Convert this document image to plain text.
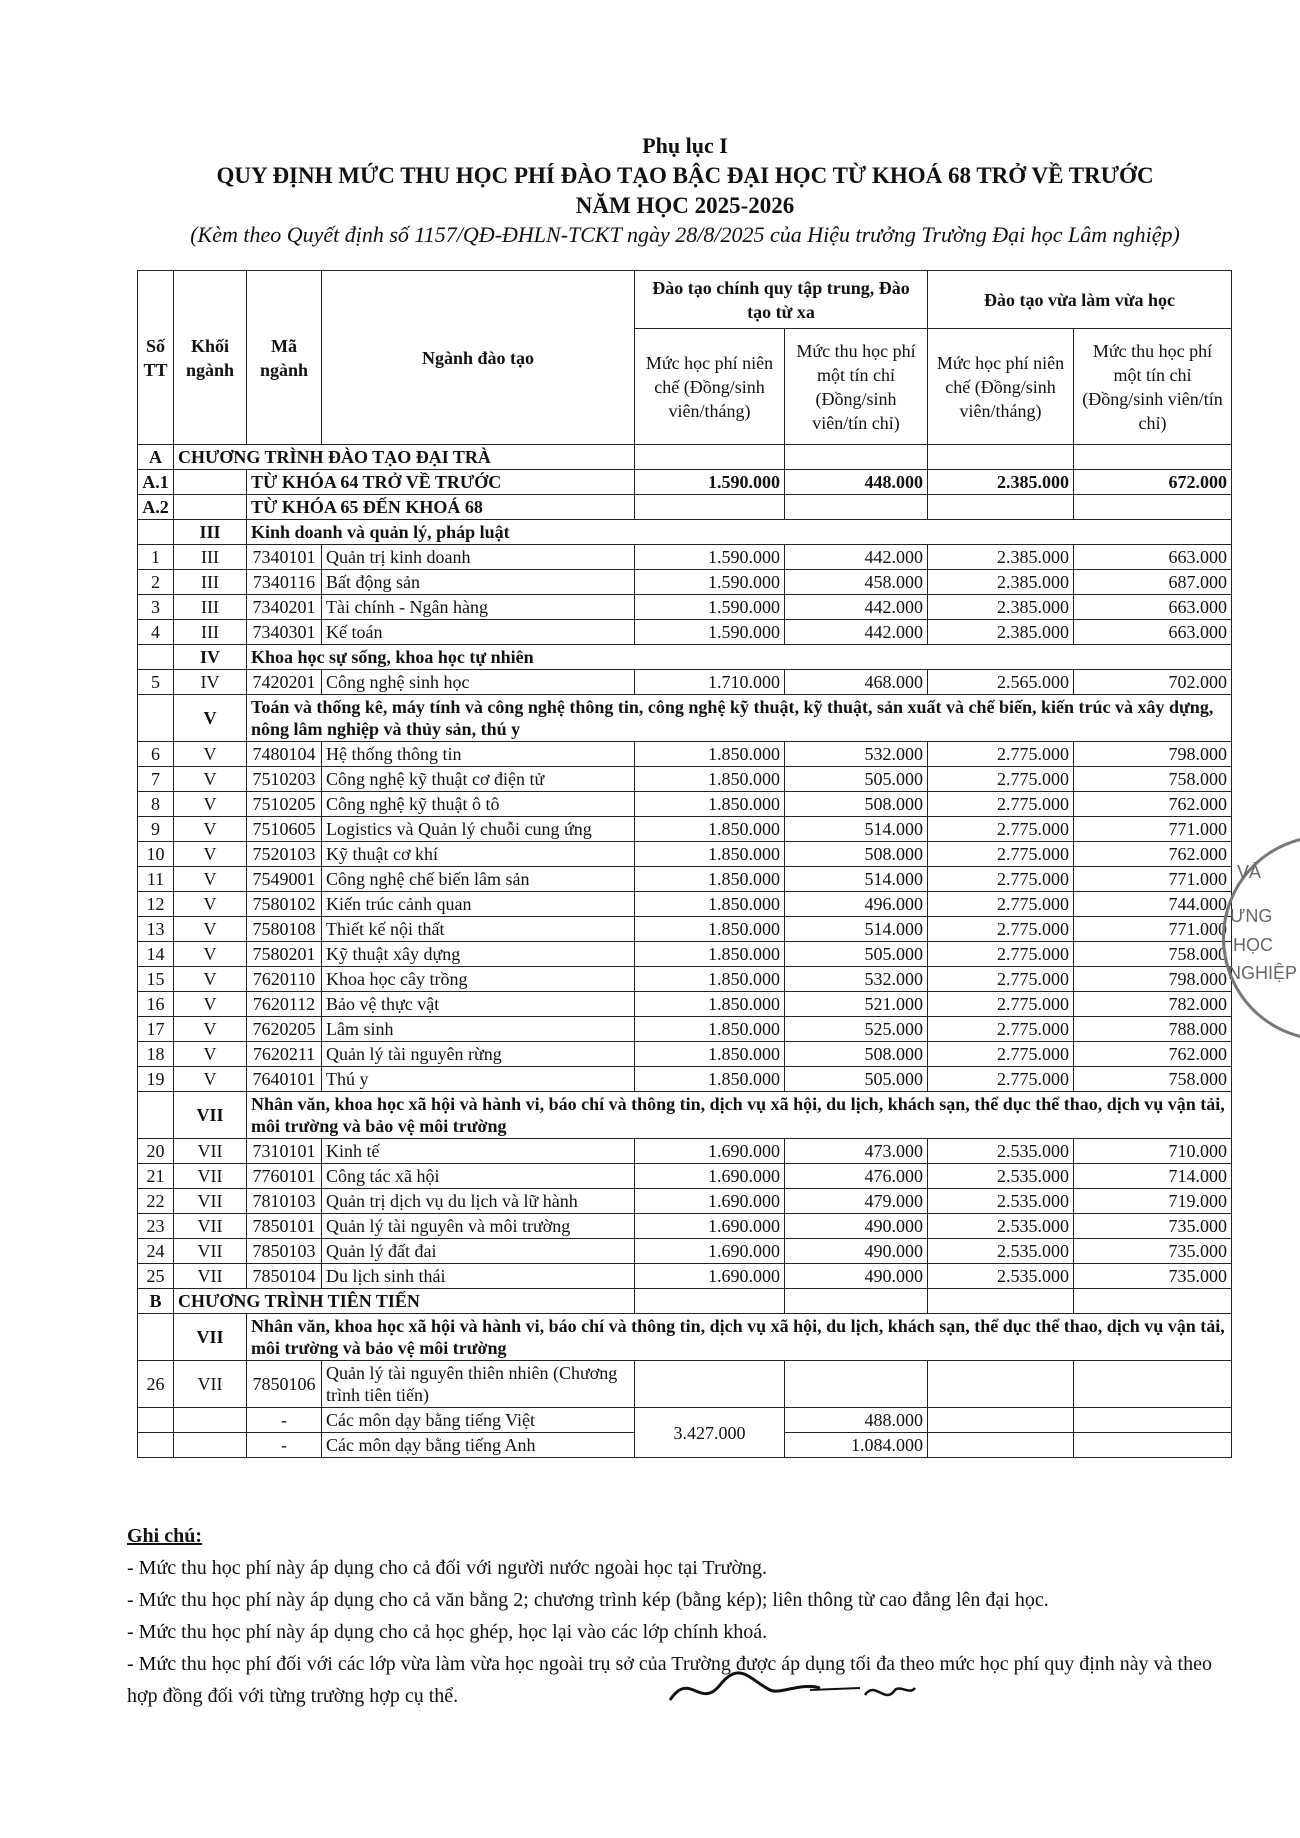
Phụ lục I
QUY ĐỊNH MỨC THU HỌC PHÍ ĐÀO TẠO BẬC ĐẠI HỌC TỪ KHOÁ 68 TRỞ VỀ TRƯỚC
NĂM HỌC 2025-2026
(Kèm theo Quyết định số 1157/QĐ-ĐHLN-TCKT ngày 28/8/2025 của Hiệu trưởng Trường Đại học Lâm nghiệp)
Số TT	Khối ngành	Mã ngành	Ngành đào tạo	Đào tạo chính quy tập trung, Đào tạo từ xa		Đào tạo vừa làm vừa học	
				Mức học phí niên chế (Đồng/sinh viên/tháng)	Mức thu học phí một tín chỉ (Đồng/sinh viên/tín chỉ)	Mức học phí niên chế (Đồng/sinh viên/tháng)	Mức thu học phí một tín chỉ (Đồng/sinh viên/tín chỉ)
A	CHƯƠNG TRÌNH ĐÀO TẠO ĐẠI TRÀ						
A.1		TỪ KHÓA 64 TRỞ VỀ TRƯỚC		1.590.000	448.000	2.385.000	672.000
A.2		TỪ KHÓA 65 ĐẾN KHOÁ 68					
	III	Kinh doanh và quản lý, pháp luật					
1	III	7340101	Quản trị kinh doanh	1.590.000	442.000	2.385.000	663.000
2	III	7340116	Bất động sản	1.590.000	458.000	2.385.000	687.000
3	III	7340201	Tài chính - Ngân hàng	1.590.000	442.000	2.385.000	663.000
4	III	7340301	Kế toán	1.590.000	442.000	2.385.000	663.000
	IV	Khoa học sự sống, khoa học tự nhiên					
5	IV	7420201	Công nghệ sinh học	1.710.000	468.000	2.565.000	702.000
	V	Toán và thống kê, máy tính và công nghệ thông tin, công nghệ kỹ thuật, kỹ thuật, sản xuất và chế biến, kiến trúc và xây dựng, nông lâm nghiệp và thủy sản, thú y					
6	V	7480104	Hệ thống thông tin	1.850.000	532.000	2.775.000	798.000
7	V	7510203	Công nghệ kỹ thuật cơ điện tử	1.850.000	505.000	2.775.000	758.000
8	V	7510205	Công nghệ kỹ thuật ô tô	1.850.000	508.000	2.775.000	762.000
9	V	7510605	Logistics và Quản lý chuỗi cung ứng	1.850.000	514.000	2.775.000	771.000
10	V	7520103	Kỹ thuật cơ khí	1.850.000	508.000	2.775.000	762.000
11	V	7549001	Công nghệ chế biến lâm sản	1.850.000	514.000	2.775.000	771.000
12	V	7580102	Kiến trúc cảnh quan	1.850.000	496.000	2.775.000	744.000
13	V	7580108	Thiết kế nội thất	1.850.000	514.000	2.775.000	771.000
14	V	7580201	Kỹ thuật xây dựng	1.850.000	505.000	2.775.000	758.000
15	V	7620110	Khoa học cây trồng	1.850.000	532.000	2.775.000	798.000
16	V	7620112	Bảo vệ thực vật	1.850.000	521.000	2.775.000	782.000
17	V	7620205	Lâm sinh	1.850.000	525.000	2.775.000	788.000
18	V	7620211	Quản lý tài nguyên rừng	1.850.000	508.000	2.775.000	762.000
19	V	7640101	Thú y	1.850.000	505.000	2.775.000	758.000
	VII	Nhân văn, khoa học xã hội và hành vi, báo chí và thông tin, dịch vụ xã hội, du lịch, khách sạn, thể dục thể thao, dịch vụ vận tải, môi trường và bảo vệ môi trường					
20	VII	7310101	Kinh tế	1.690.000	473.000	2.535.000	710.000
21	VII	7760101	Công tác xã hội	1.690.000	476.000	2.535.000	714.000
22	VII	7810103	Quản trị dịch vụ du lịch và lữ hành	1.690.000	479.000	2.535.000	719.000
23	VII	7850101	Quản lý tài nguyên và môi trường	1.690.000	490.000	2.535.000	735.000
24	VII	7850103	Quản lý đất đai	1.690.000	490.000	2.535.000	735.000
25	VII	7850104	Du lịch sinh thái	1.690.000	490.000	2.535.000	735.000
B	CHƯƠNG TRÌNH TIÊN TIẾN						
	VII	Nhân văn, khoa học xã hội và hành vi, báo chí và thông tin, dịch vụ xã hội, du lịch, khách sạn, thể dục thể thao, dịch vụ vận tải, môi trường và bảo vệ môi trường					
26	VII	7850106	Quản lý tài nguyên thiên nhiên (Chương trình tiên tiến)				
		-	Các môn dạy bằng tiếng Việt	3.427.000	488.000		
		-	Các môn dạy bằng tiếng Anh		1.084.000		
Ghi chú:
- Mức thu học phí này áp dụng cho cả đối với người nước ngoài học tại Trường.
- Mức thu học phí này áp dụng cho cả văn bằng 2; chương trình kép (bằng kép); liên thông từ cao đẳng lên đại học.
- Mức thu học phí này áp dụng cho cả học ghép, học lại vào các lớp chính khoá.
- Mức thu học phí đối với các lớp vừa làm vừa học ngoài trụ sở của Trường được áp dụng tối đa theo mức học phí quy định này và theo hợp đồng đối với từng trường hợp cụ thể.
VÀ
ƯNG
HỌC
NGHIỆP
